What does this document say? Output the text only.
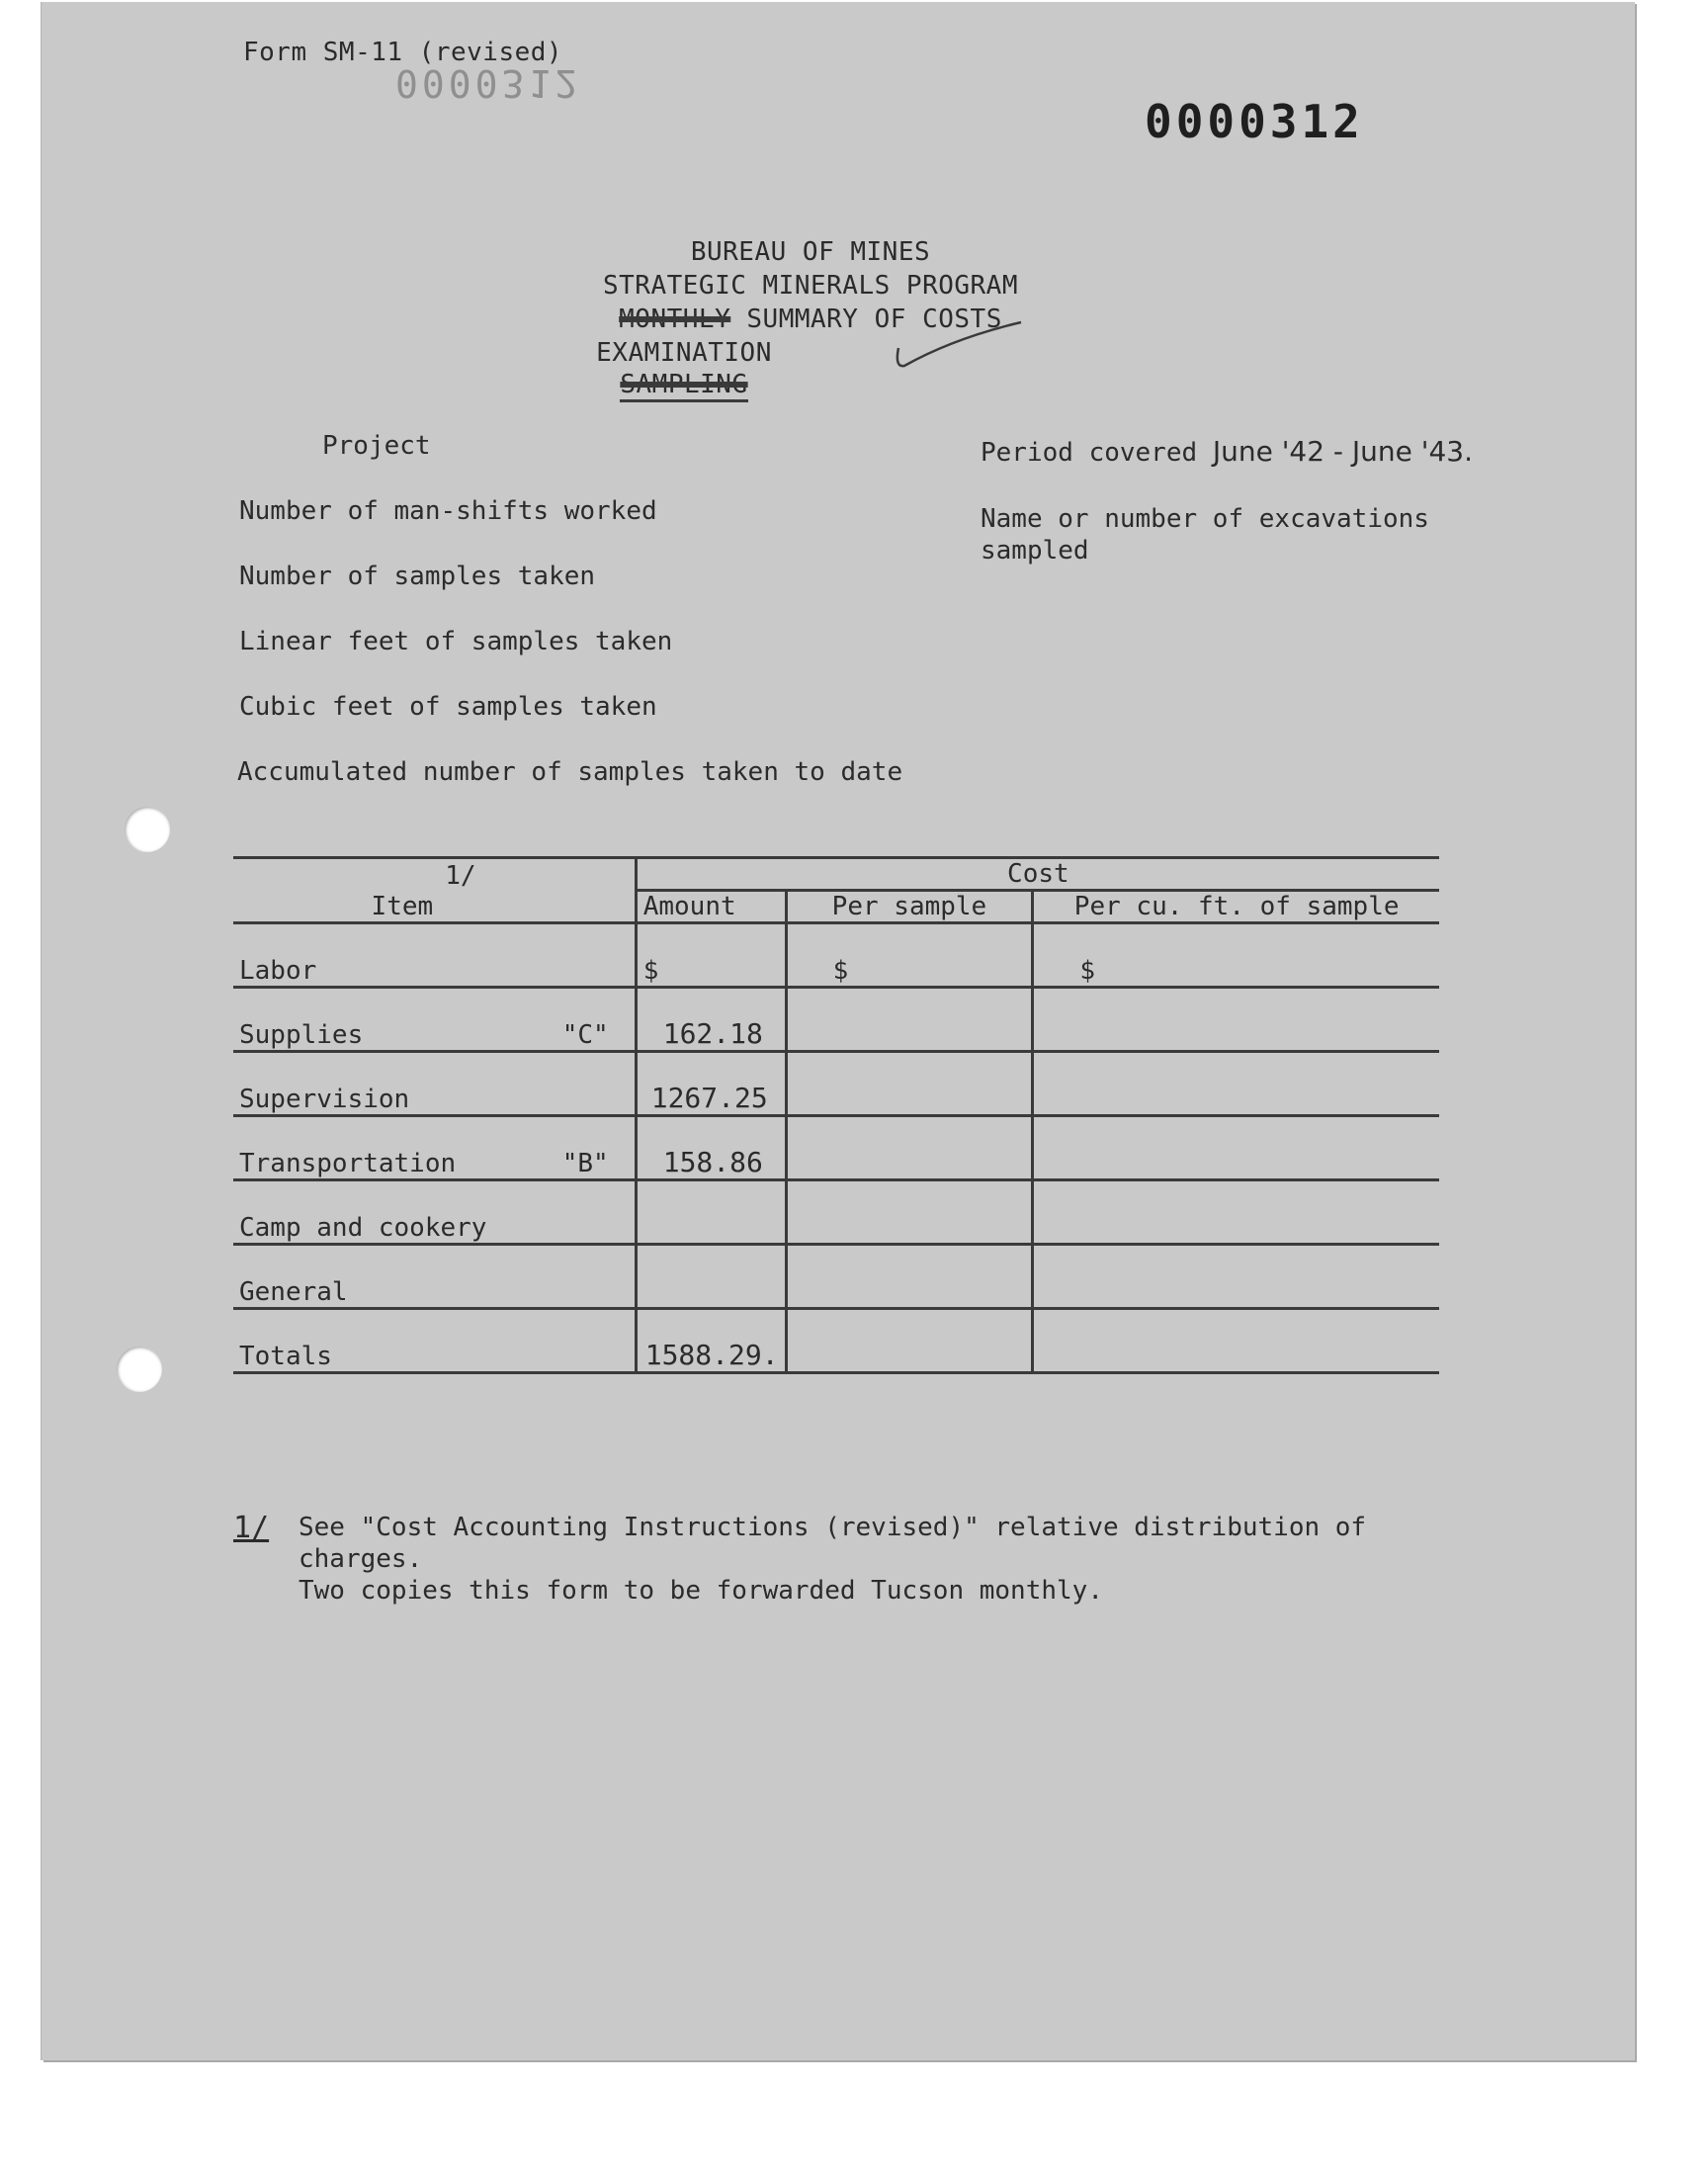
Form SM-11 (revised)
0000312
0000312
BUREAU OF MINES
STRATEGIC MINERALS PROGRAM
MONTHLY SUMMARY OF COSTS
EXAMINATION
SAMPLING
Project	Period covered June '42 - June '43.
Number of man-shifts worked	Name or number of excavations
sampled
Number of samples taken
Linear feet of samples taken
Cubic feet of samples taken
Accumulated number of samples taken to date
1/	Cost		
Item	Amount	Per sample	Per cu. ft. of sample
Labor	$	$	$
Supplies "C"	162.18		
Supervision	1267.25		
Transportation "B"	158.86		
Camp and cookery			
General			
Totals	1588.29.		
1/ See "Cost Accounting Instructions (revised)" relative distribution of
charges.
Two copies this form to be forwarded Tucson monthly.
